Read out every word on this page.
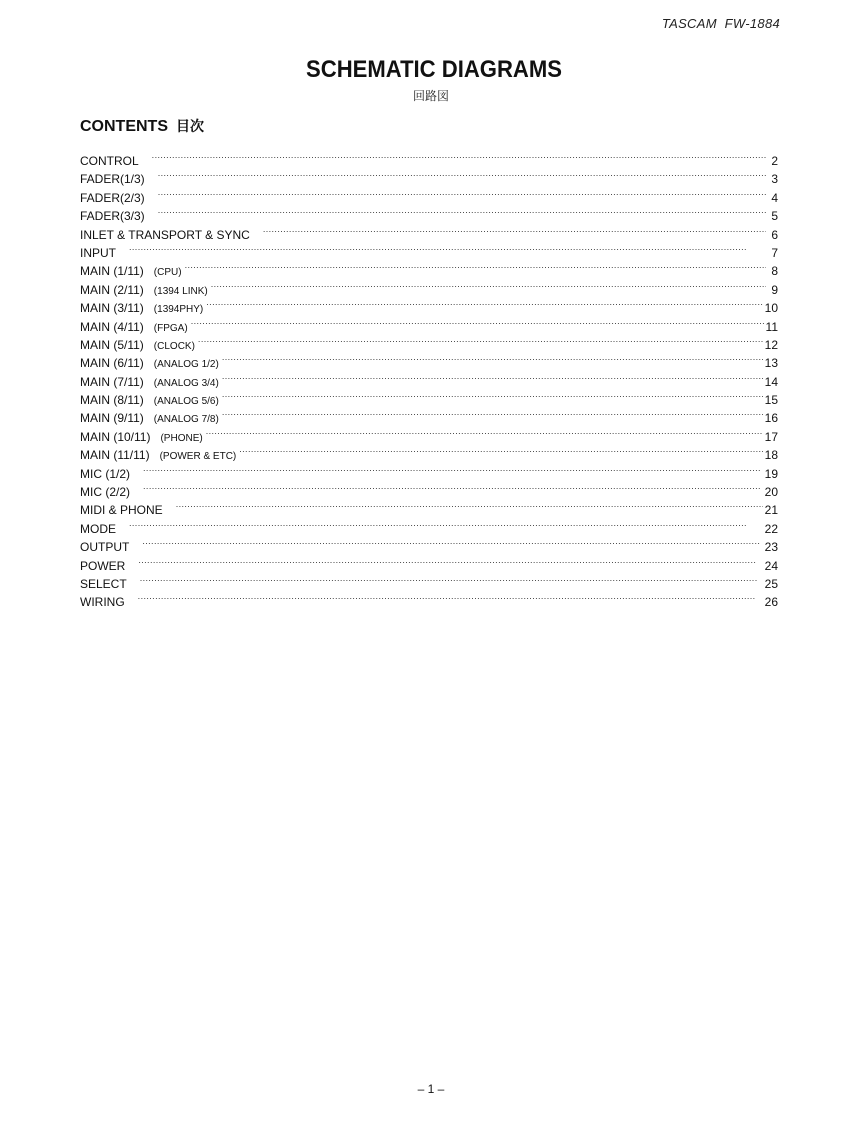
TASCAM  FW-1884
SCHEMATIC DIAGRAMS
回路図
CONTENTS 目次
CONTROL . . .	2
FADER(1/3) . . .	3
FADER(2/3) . . .	4
FADER(3/3) . . .	5
INLET & TRANSPORT & SYNC . . .	6
INPUT . . .	7
MAIN (1/11) (CPU) . . .	8
MAIN (2/11) (1394 LINK) . . .	9
MAIN (3/11) (1394PHY) . . .	10
MAIN (4/11) (FPGA) . . .	11
MAIN (5/11) (CLOCK) . . .	12
MAIN (6/11) (ANALOG 1/2) . . .	13
MAIN (7/11) (ANALOG 3/4) . . .	14
MAIN (8/11) (ANALOG 5/6) . . .	15
MAIN (9/11) (ANALOG 7/8) . . .	16
MAIN (10/11) (PHONE) . . .	17
MAIN (11/11) (POWER & ETC) . . .	18
MIC (1/2) . . .	19
MIC (2/2) . . .	20
MIDI & PHONE . . .	21
MODE . . .	22
OUTPUT . . .	23
POWER . . .	24
SELECT . . .	25
WIRING . . .	26
– 1 –
